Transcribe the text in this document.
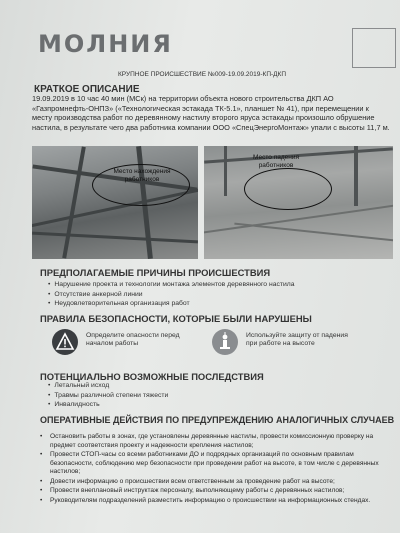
МОЛНИЯ
КРУПНОЕ ПРОИСШЕСТВИЕ №009-19.09.2019-КП-ДКП
КРАТКОЕ ОПИСАНИЕ
19.09.2019 в 10 час 40 мин (МСк) на территории объекта нового строительства ДКП АО «Газпромнефть-ОНПЗ» («Технологическая эстакада ТК-5.1», планшет № 41), при перемещении к месту производства работ по деревянному настилу второго яруса эстакады произошло обрушение настила, в результате чего два работника компании ООО «СпецЭнергоМонтаж» упали с высоты 11,7 м.
Место нахождения работников
Место падения работников
ПРЕДПОЛАГАЕМЫЕ ПРИЧИНЫ ПРОИСШЕСТВИЯ
• Нарушение проекта и технологии монтажа элементов деревянного настила
• Отсутствие анкерной линии
• Неудовлетворительная организация работ
ПРАВИЛА БЕЗОПАСНОСТИ, КОТОРЫЕ БЫЛИ НАРУШЕНЫ
Определите опасности перед началом работы
Используйте защиту от падения при работе на высоте
ПОТЕНЦИАЛЬНО ВОЗМОЖНЫЕ ПОСЛЕДСТВИЯ
• Летальный исход
• Травмы различной степени тяжести
• Инвалидность
ОПЕРАТИВНЫЕ ДЕЙСТВИЯ ПО ПРЕДУПРЕЖДЕНИЮ АНАЛОГИЧНЫХ СЛУЧАЕВ
• Остановить работы в зонах, где установлены деревянные настилы, провести комиссионную проверку на предмет соответствия проекту и надежности крепления настилов;
• Провести СТОП-часы со всеми работниками ДО и подрядных организаций по основным правилам безопасности, соблюдению мер безопасности при проведении работ на высоте, в том числе с деревянных настилов;
• Довести информацию о происшествии всем ответственным за проведение работ на высоте;
• Провести внеплановый инструктаж персоналу, выполняющему работы с деревянных настилов;
• Руководителям подразделений разместить информацию о происшествии на информационных стендах.
